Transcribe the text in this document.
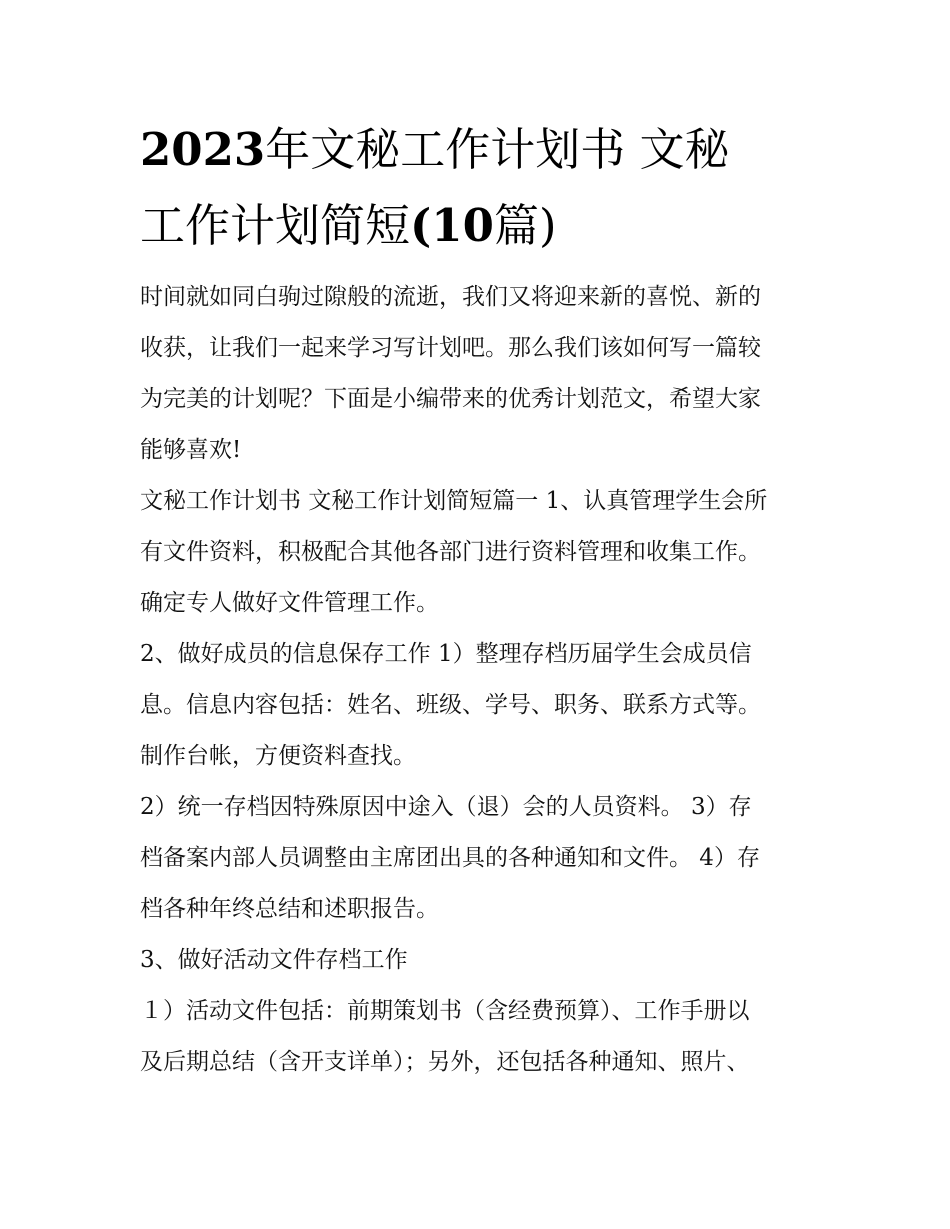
2023年文秘工作计划书 文秘
工作计划简短(10篇)

时间就如同白驹过隙般的流逝，我们又将迎来新的喜悦、新的
收获，让我们一起来学习写计划吧。那么我们该如何写一篇较
为完美的计划呢？下面是小编带来的优秀计划范文，希望大家
能够喜欢!

文秘工作计划书 文秘工作计划简短篇一 1、认真管理学生会所
有文件资料，积极配合其他各部门进行资料管理和收集工作。
确定专人做好文件管理工作。

2、做好成员的信息保存工作 1）整理存档历届学生会成员信
息。信息内容包括：姓名、班级、学号、职务、联系方式等。
制作台帐，方便资料查找。

2）统一存档因特殊原因中途入（退）会的人员资料。 3）存
档备案内部人员调整由主席团出具的各种通知和文件。 4）存
档各种年终总结和述职报告。

3、做好活动文件存档工作

１）活动文件包括：前期策划书（含经费预算）、工作手册以
及后期总结（含开支详单）；另外，还包括各种通知、照片、
